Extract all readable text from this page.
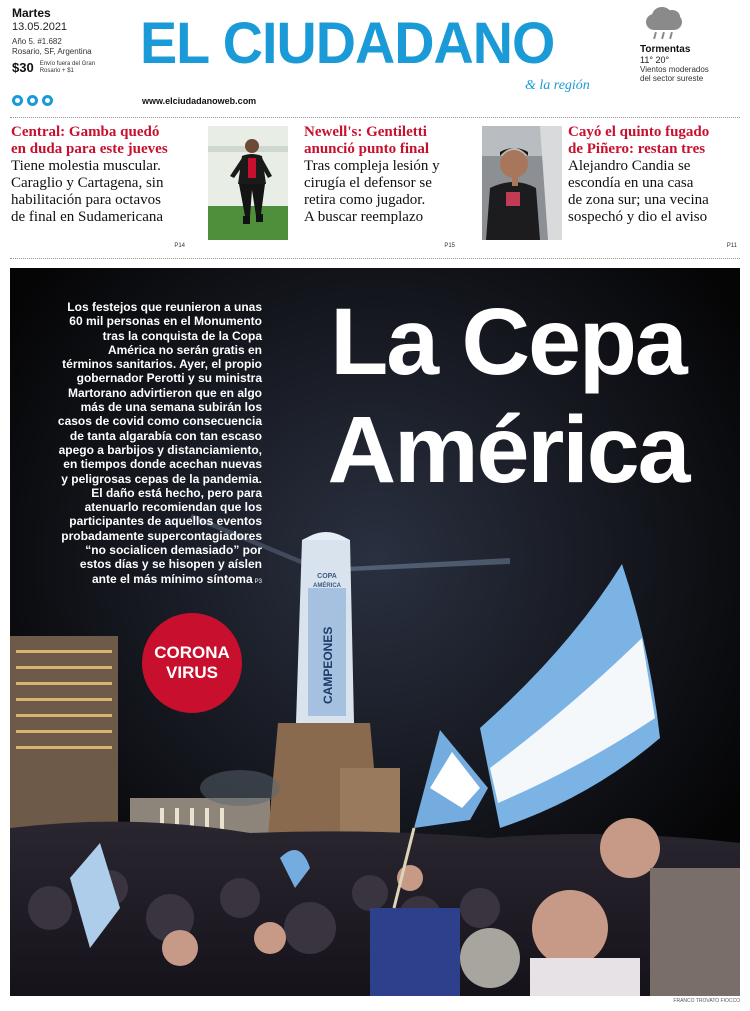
Martes
13.05.2021
Año 5. #1.682
Rosario, SF, Argentina
$30 Envío fuera del Gran Rosario + $1	EL CIUDADANO
& la región
www.elciudadanoweb.com
Tormentas
11° 20°
Vientos moderados
del sector sureste
Central: Gamba quedó
en duda para este jueves
Tiene molestia muscular.
Caraglio y Cartagena, sin
habilitación para octavos
de final en Sudamericana
P14
Newell's: Gentiletti
anunció punto final
Tras compleja lesión y
cirugía el defensor se
retira como jugador.
A buscar reemplazo
P15
Cayó el quinto fugado
de Piñero: restan tres
Alejandro Candia se
escondía en una casa
de zona sur; una vecina
sospechó y dio el aviso
P11
COPA
AMÉRICA
CAMPEONES
Los festejos que reunieron a unas
60 mil personas en el Monumento
tras la conquista de la Copa
América no serán gratis en
términos sanitarios. Ayer, el propio
gobernador Perotti y su ministra
Martorano advirtieron que en algo
más de una semana subirán los
casos de covid como consecuencia
de tanta algarabía con tan escaso
apego a barbijos y distanciamiento,
en tiempos donde acechan nuevas
y peligrosas cepas de la pandemia.
El daño está hecho, pero para
atenuarlo recomiendan que los
participantes de aquellos eventos
probadamente supercontagiadores
“no socialicen demasiado” por
estos días y se hisopen y aíslen
ante el más mínimo síntoma P3
La Cepa
América
CORONA
VIRUS
FRANCO TROVATO FIOCCO
